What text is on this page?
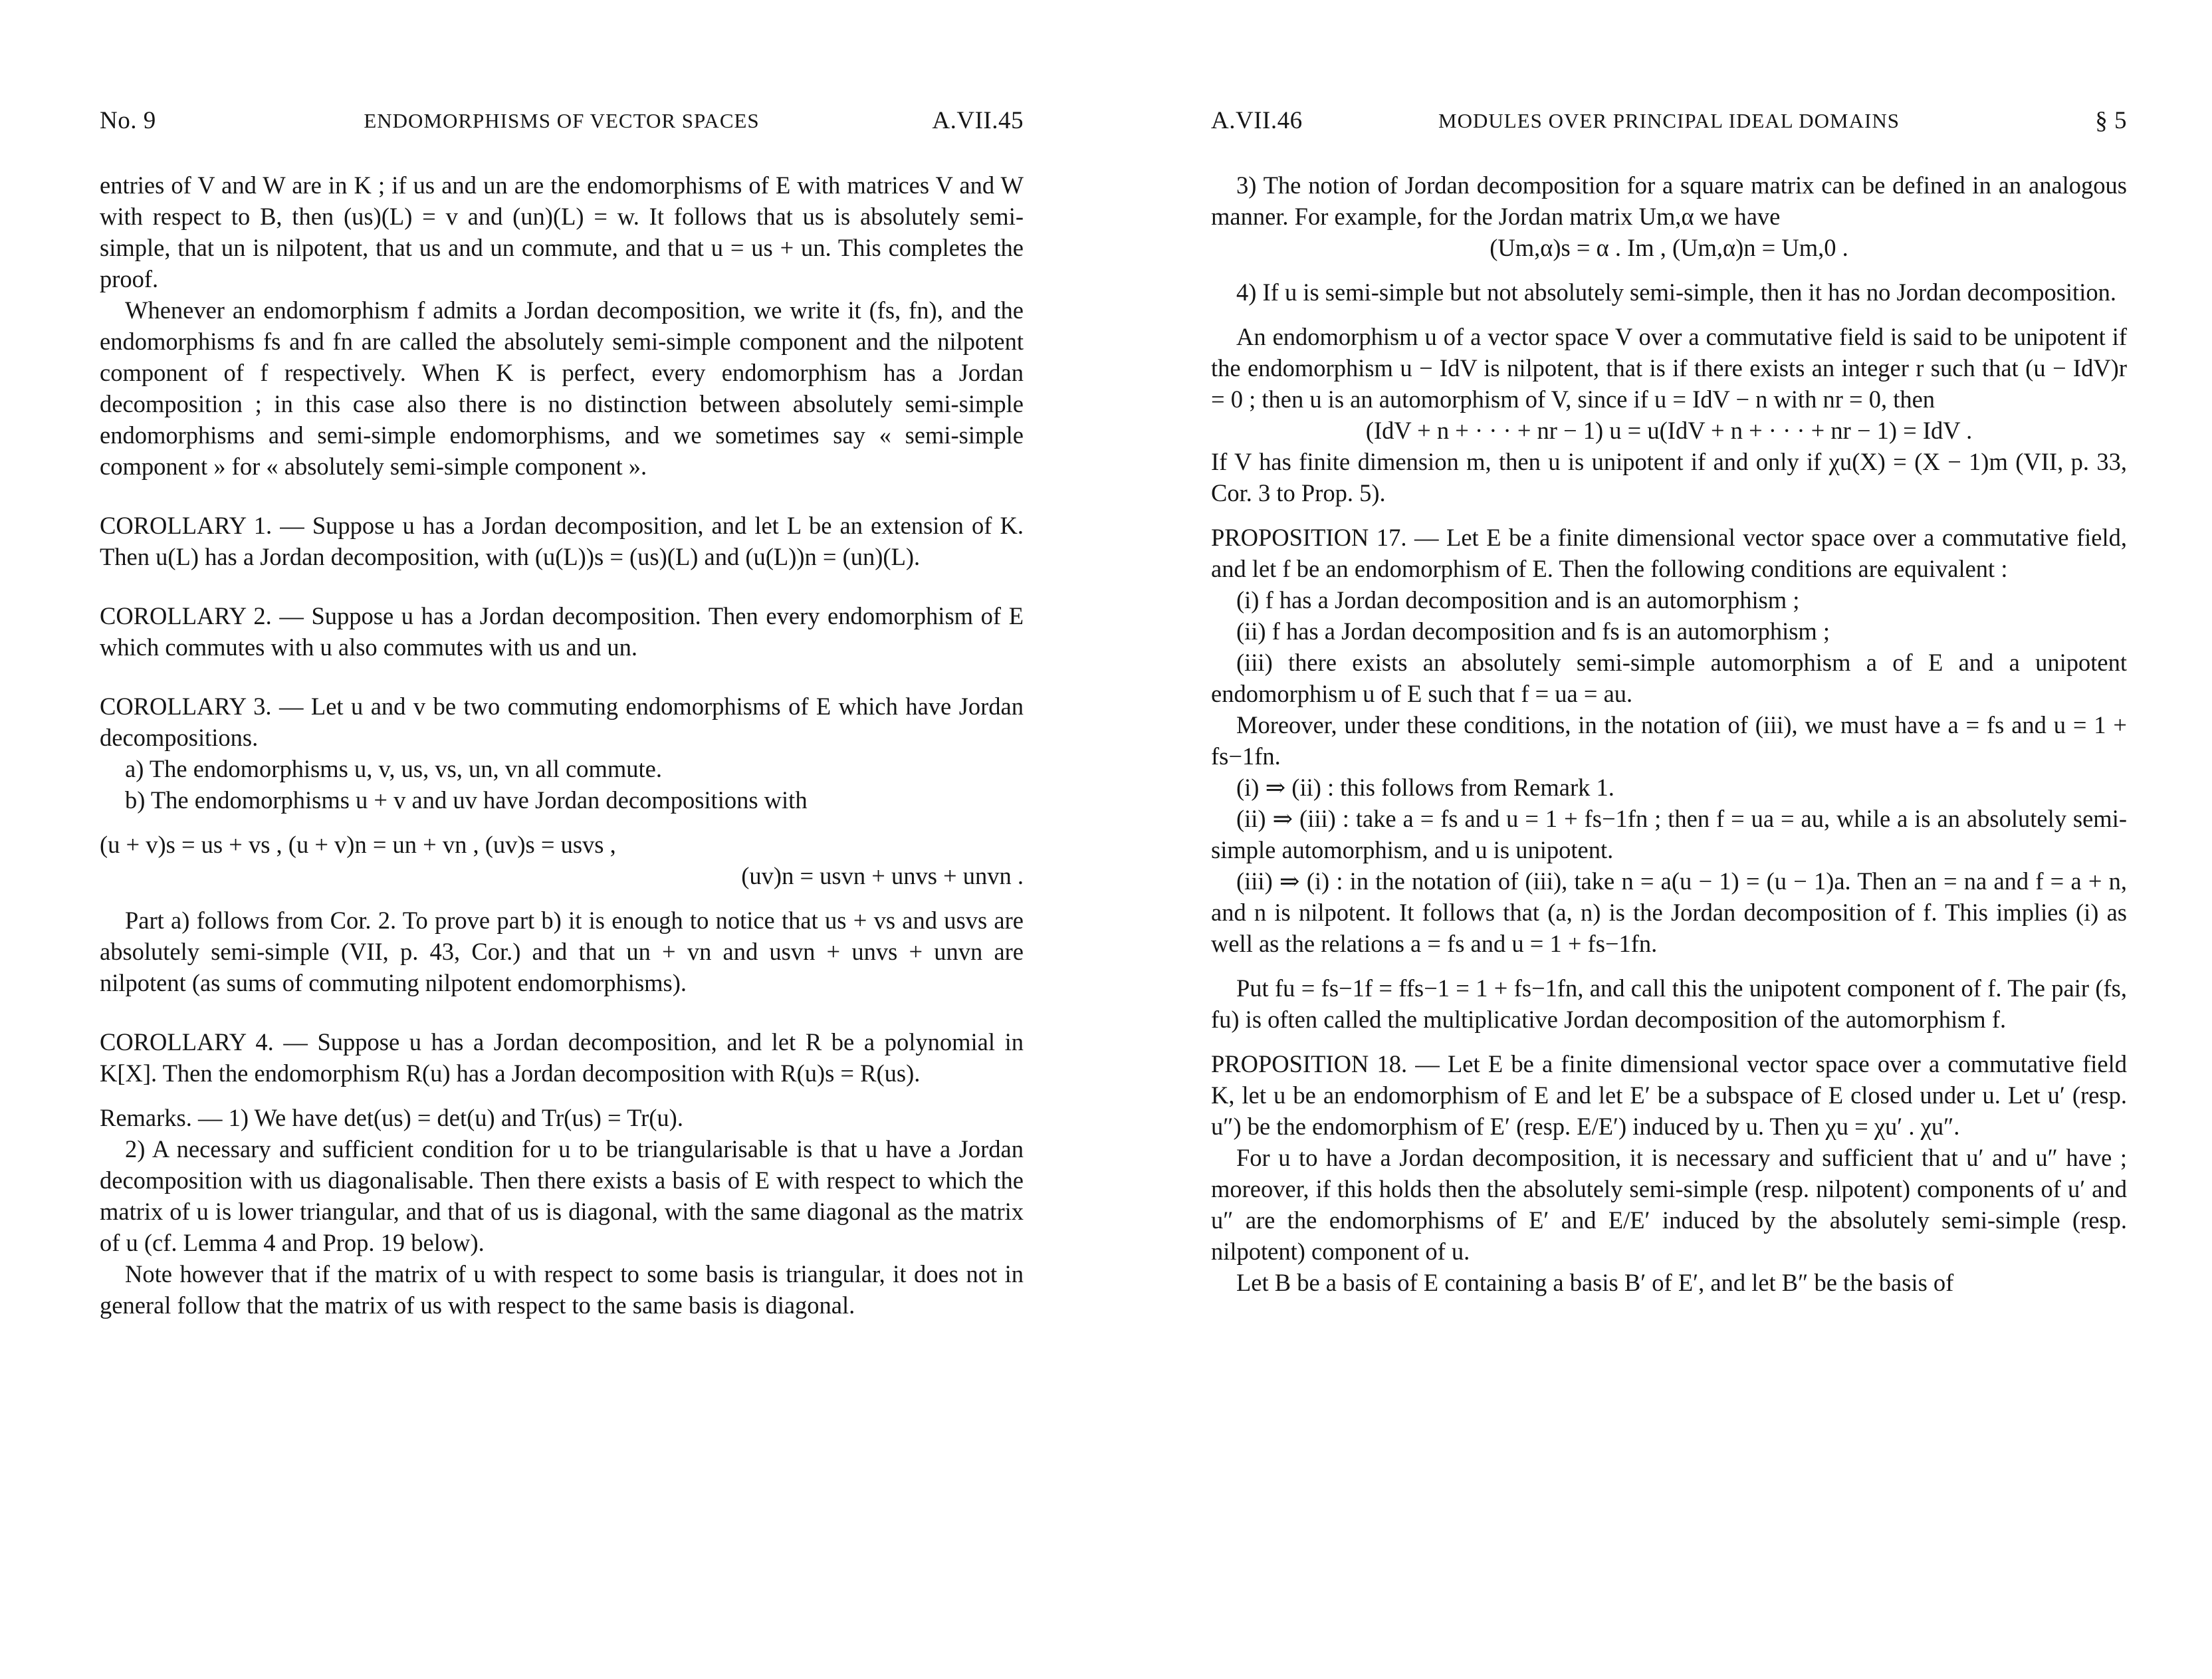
No. 9	ENDOMORPHISMS OF VECTOR SPACES	A.VII.45

entries of V and W are in K ; if us and un are the endomorphisms of E with matrices V and W with respect to B, then (us)(L) = v and (un)(L) = w. It follows that us is absolutely semi-simple, that un is nilpotent, that us and un commute, and that u = us + un. This completes the proof.

Whenever an endomorphism f admits a Jordan decomposition, we write it (fs, fn), and the endomorphisms fs and fn are called the absolutely semi-simple component and the nilpotent component of f respectively. When K is perfect, every endomorphism has a Jordan decomposition ; in this case also there is no distinction between absolutely semi-simple endomorphisms and semi-simple endomorphisms, and we sometimes say « semi-simple component » for « absolutely semi-simple component ».

COROLLARY 1. — Suppose u has a Jordan decomposition, and let L be an extension of K. Then u(L) has a Jordan decomposition, with (u(L))s = (us)(L) and (u(L))n = (un)(L).

COROLLARY 2. — Suppose u has a Jordan decomposition. Then every endomorphism of E which commutes with u also commutes with us and un.

COROLLARY 3. — Let u and v be two commuting endomorphisms of E which have Jordan decompositions.

a) The endomorphisms u, v, us, vs, un, vn all commute.

b) The endomorphisms u + v and uv have Jordan decompositions with

(u + v)s = us + vs , (u + v)n = un + vn , (uv)s = usvs ,

(uv)n = usvn + unvs + unvn .

Part a) follows from Cor. 2. To prove part b) it is enough to notice that us + vs and usvs are absolutely semi-simple (VII, p. 43, Cor.) and that un + vn and usvn + unvs + unvn are nilpotent (as sums of commuting nilpotent endomorphisms).

COROLLARY 4. — Suppose u has a Jordan decomposition, and let R be a polynomial in K[X]. Then the endomorphism R(u) has a Jordan decomposition with R(u)s = R(us).

Remarks. — 1) We have det(us) = det(u) and Tr(us) = Tr(u).

2) A necessary and sufficient condition for u to be triangularisable is that u have a Jordan decomposition with us diagonalisable. Then there exists a basis of E with respect to which the matrix of u is lower triangular, and that of us is diagonal, with the same diagonal as the matrix of u (cf. Lemma 4 and Prop. 19 below).

Note however that if the matrix of u with respect to some basis is triangular, it does not in general follow that the matrix of us with respect to the same basis is diagonal.

A.VII.46	MODULES OVER PRINCIPAL IDEAL DOMAINS	§ 5

3) The notion of Jordan decomposition for a square matrix can be defined in an analogous manner. For example, for the Jordan matrix Um,α we have

(Um,α)s = α . Im , (Um,α)n = Um,0 .

4) If u is semi-simple but not absolutely semi-simple, then it has no Jordan decomposition.

An endomorphism u of a vector space V over a commutative field is said to be unipotent if the endomorphism u − IdV is nilpotent, that is if there exists an integer r such that (u − IdV)r = 0 ; then u is an automorphism of V, since if u = IdV − n with nr = 0, then

(IdV + n + · · · + nr − 1) u = u(IdV + n + · · · + nr − 1) = IdV .

If V has finite dimension m, then u is unipotent if and only if χu(X) = (X − 1)m (VII, p. 33, Cor. 3 to Prop. 5).

PROPOSITION 17. — Let E be a finite dimensional vector space over a commutative field, and let f be an endomorphism of E. Then the following conditions are equivalent :

(i) f has a Jordan decomposition and is an automorphism ;

(ii) f has a Jordan decomposition and fs is an automorphism ;

(iii) there exists an absolutely semi-simple automorphism a of E and a unipotent endomorphism u of E such that f = ua = au.

Moreover, under these conditions, in the notation of (iii), we must have a = fs and u = 1 + fs−1fn.

(i) ⇒ (ii) : this follows from Remark 1.

(ii) ⇒ (iii) : take a = fs and u = 1 + fs−1fn ; then f = ua = au, while a is an absolutely semi-simple automorphism, and u is unipotent.

(iii) ⇒ (i) : in the notation of (iii), take n = a(u − 1) = (u − 1)a. Then an = na and f = a + n, and n is nilpotent. It follows that (a, n) is the Jordan decomposition of f. This implies (i) as well as the relations a = fs and u = 1 + fs−1fn.

Put fu = fs−1f = ffs−1 = 1 + fs−1fn, and call this the unipotent component of f. The pair (fs, fu) is often called the multiplicative Jordan decomposition of the automorphism f.

PROPOSITION 18. — Let E be a finite dimensional vector space over a commutative field K, let u be an endomorphism of E and let E′ be a subspace of E closed under u. Let u′ (resp. u″) be the endomorphism of E′ (resp. E/E′) induced by u. Then χu = χu′ . χu″.

For u to have a Jordan decomposition, it is necessary and sufficient that u′ and u″ have ; moreover, if this holds then the absolutely semi-simple (resp. nilpotent) components of u′ and u″ are the endomorphisms of E′ and E/E′ induced by the absolutely semi-simple (resp. nilpotent) component of u.

Let B be a basis of E containing a basis B′ of E′, and let B″ be the basis of
